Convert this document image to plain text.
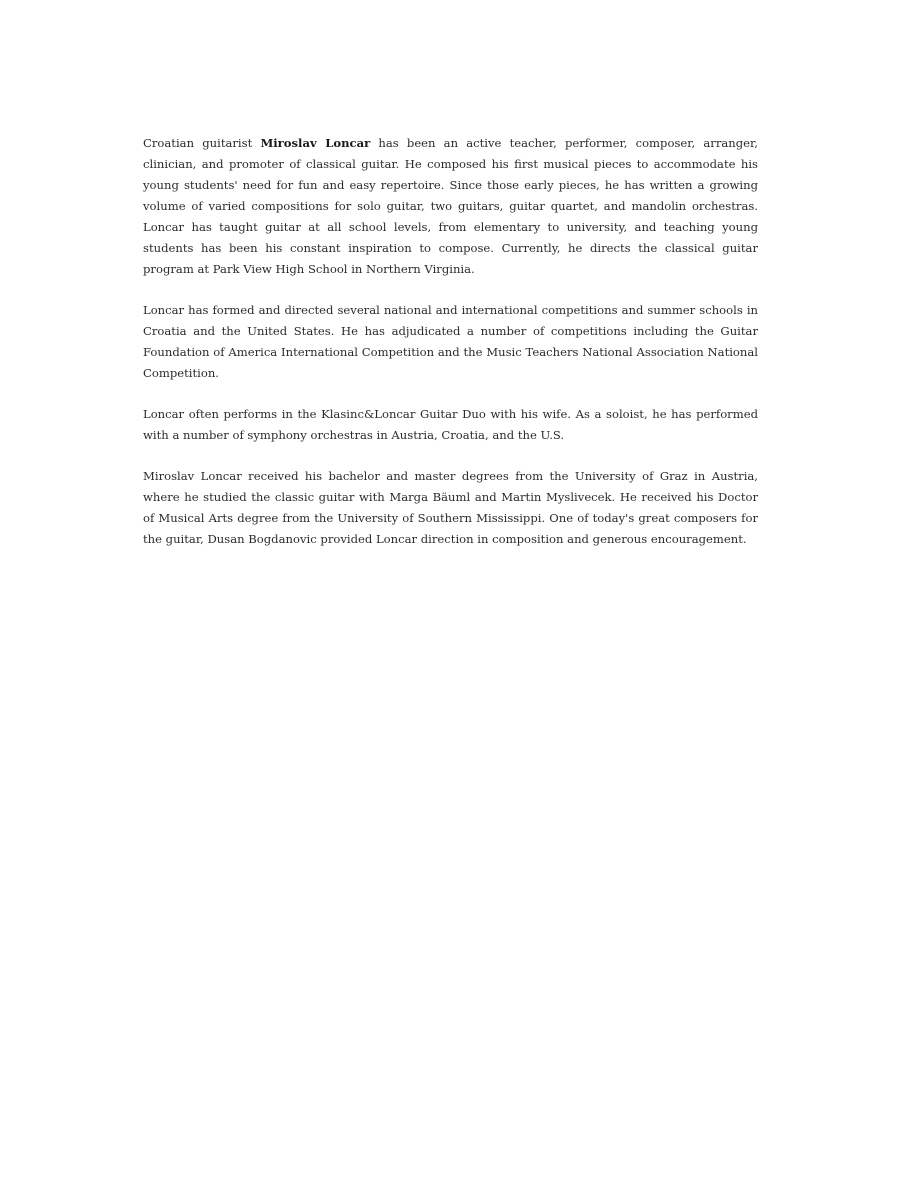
Croatian guitarist Miroslav Loncar has been an active teacher, performer, composer, arranger, clinician, and promoter of classical guitar. He composed his first musical pieces to accommodate his young students' need for fun and easy repertoire. Since those early pieces, he has written a growing volume of varied compositions for solo guitar, two guitars, guitar quartet, and mandolin orchestras. Loncar has taught guitar at all school levels, from elementary to university, and teaching young students has been his constant inspiration to compose. Currently, he directs the classical guitar program at Park View High School in Northern Virginia.

Loncar has formed and directed several national and international competitions and summer schools in Croatia and the United States. He has adjudicated a number of competitions including the Guitar Foundation of America International Competition and the Music Teachers National Association National Competition.

Loncar often performs in the Klasinc&Loncar Guitar Duo with his wife. As a soloist, he has performed with a number of symphony orchestras in Austria, Croatia, and the U.S.

Miroslav Loncar received his bachelor and master degrees from the University of Graz in Austria, where he studied the classic guitar with Marga Bäuml and Martin Myslivecek. He received his Doctor of Musical Arts degree from the University of Southern Mississippi. One of today's great composers for the guitar, Dusan Bogdanovic provided Loncar direction in composition and generous encouragement.
